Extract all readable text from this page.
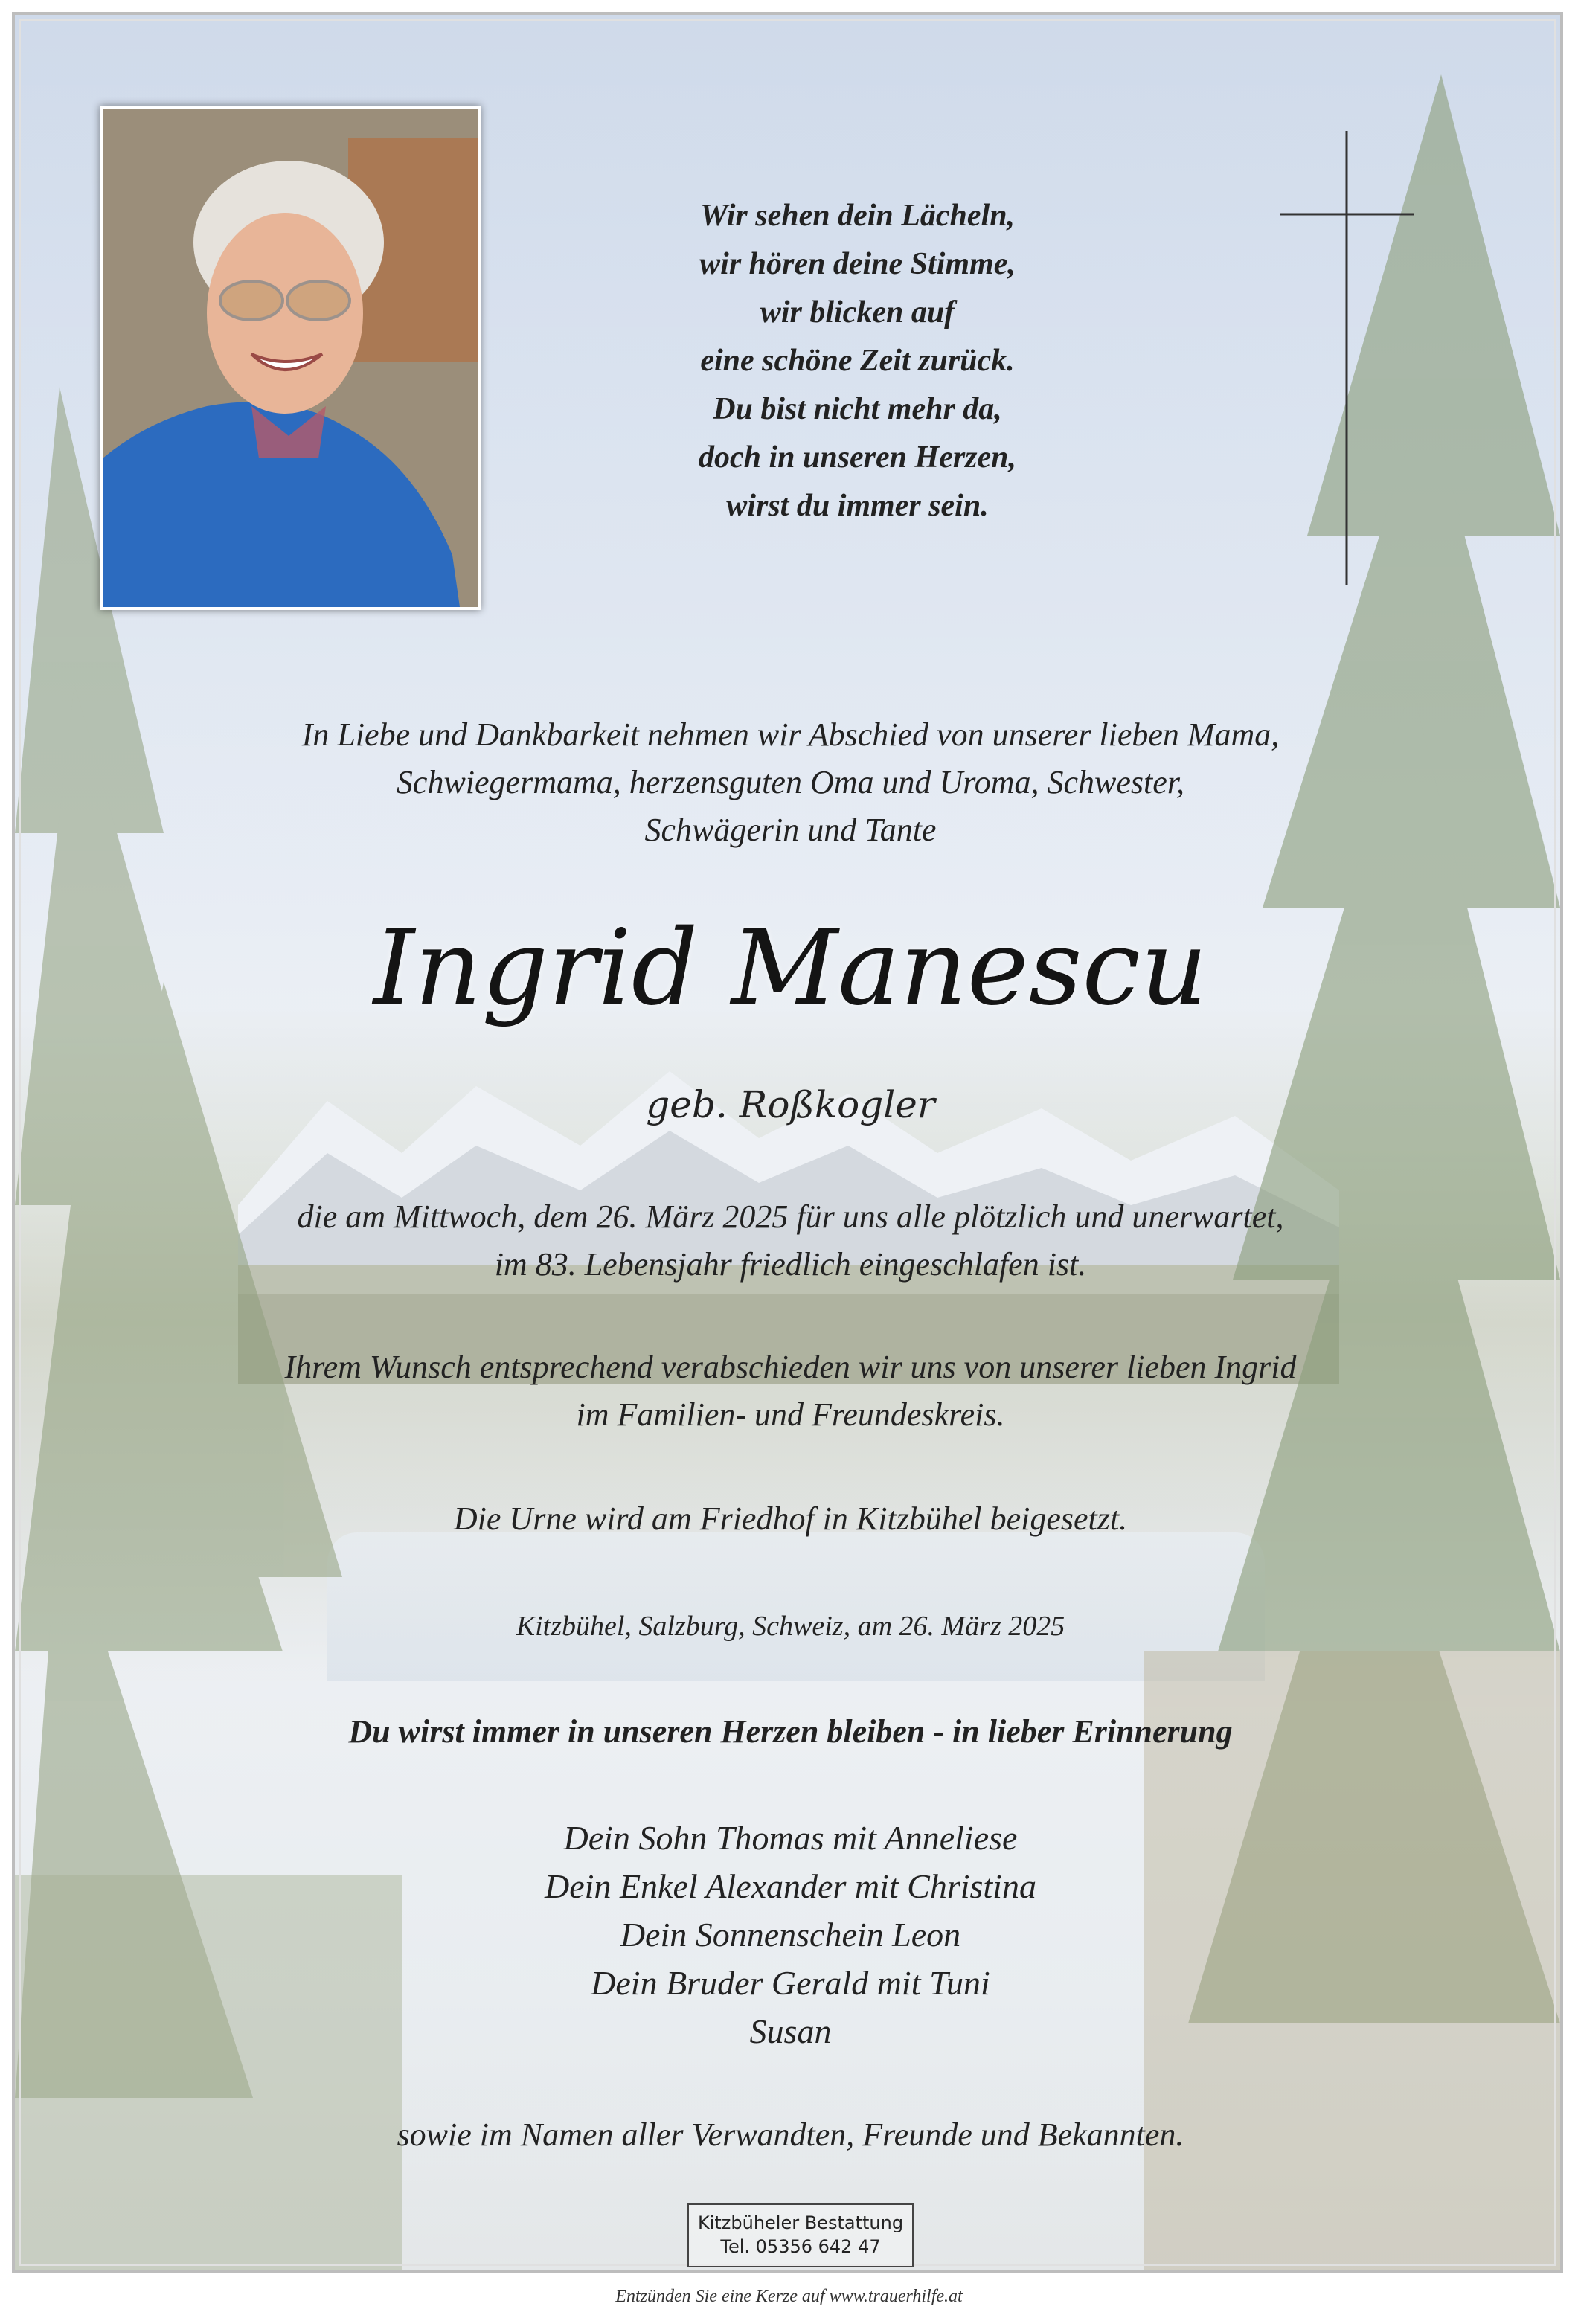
Wir sehen dein Lächeln,
wir hören deine Stimme,
wir blicken auf
eine schöne Zeit zurück.
Du bist nicht mehr da,
doch in unseren Herzen,
wirst du immer sein.
In Liebe und Dankbarkeit nehmen wir Abschied von unserer lieben Mama,
Schwiegermama, herzensguten Oma und Uroma, Schwester,
Schwägerin und Tante
Ingrid Manescu
geb. Roßkogler
die am Mittwoch, dem 26. März 2025 für uns alle plötzlich und unerwartet,
im 83. Lebensjahr friedlich eingeschlafen ist.
Ihrem Wunsch entsprechend verabschieden wir uns von unserer lieben Ingrid
im Familien- und Freundeskreis.
Die Urne wird am Friedhof in Kitzbühel beigesetzt.
Kitzbühel, Salzburg, Schweiz, am 26. März 2025
Du wirst immer in unseren Herzen bleiben - in lieber Erinnerung
Dein Sohn Thomas mit Anneliese
Dein Enkel Alexander mit Christina
Dein Sonnenschein Leon
Dein Bruder Gerald mit Tuni
Susan
sowie im Namen aller Verwandten, Freunde und Bekannten.
Kitzbüheler Bestattung
Tel. 05356 642 47
Entzünden Sie eine Kerze auf www.trauerhilfe.at
